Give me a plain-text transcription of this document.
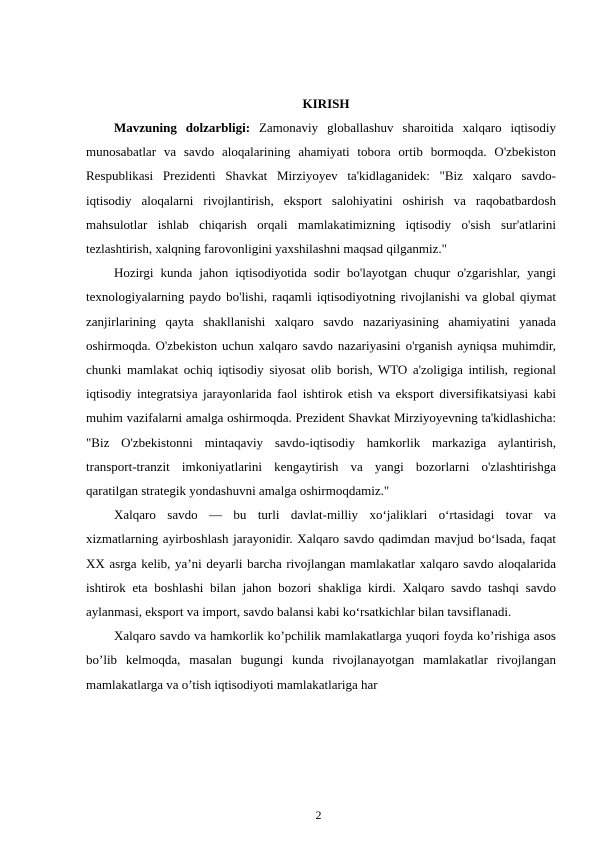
KIRISH

Mavzuning dolzarbligi: Zamonaviy globallashuv sharoitida xalqaro iqtisodiy munosabatlar va savdo aloqalarining ahamiyati tobora ortib bormoqda. O'zbekiston Respublikasi Prezidenti Shavkat Mirziyoyev ta'kidlaganidek: "Biz xalqaro savdo-iqtisodiy aloqalarni rivojlantirish, eksport salohiyatini oshirish va raqobatbardosh mahsulotlar ishlab chiqarish orqali mamlakatimizning iqtisodiy o'sish sur'atlarini tezlashtirish, xalqning farovonligini yaxshilashni maqsad qilganmiz."

Hozirgi kunda jahon iqtisodiyotida sodir bo'layotgan chuqur o'zgarishlar, yangi texnologiyalarning paydo bo'lishi, raqamli iqtisodiyotning rivojlanishi va global qiymat zanjirlarining qayta shakllanishi xalqaro savdo nazariyasining ahamiyatini yanada oshirmoqda. O'zbekiston uchun xalqaro savdo nazariyasini o'rganish ayniqsa muhimdir, chunki mamlakat ochiq iqtisodiy siyosat olib borish, WTO a'zoligiga intilish, regional iqtisodiy integratsiya jarayonlarida faol ishtirok etish va eksport diversifikatsiyasi kabi muhim vazifalarni amalga oshirmoqda. Prezident Shavkat Mirziyoyevning ta'kidlashicha: "Biz O'zbekistonni mintaqaviy savdo-iqtisodiy hamkorlik markaziga aylantirish, transport-tranzit imkoniyatlarini kengaytirish va yangi bozorlarni o'zlashtirishga qaratilgan strategik yondashuvni amalga oshirmoqdamiz."

Xalqaro savdo — bu turli davlat-milliy xo‘jaliklari o‘rtasidagi tovar va xizmatlarning ayirboshlash jarayonidir. Xalqaro savdo qadimdan mavjud bo‘lsada, faqat XX asrga kelib, ya’ni deyarli barcha rivojlangan mamlakatlar xalqaro savdo aloqalarida ishtirok eta boshlashi bilan jahon bozori shakliga kirdi. Xalqaro savdo tashqi savdo aylanmasi, eksport va import, savdo balansi kabi ko‘rsatkichlar bilan tavsiflanadi.

Xalqaro savdo va hamkorlik ko’pchilik mamlakatlarga yuqori foyda ko’rishiga asos bo’lib kelmoqda, masalan bugungi kunda rivojlanayotgan mamlakatlar rivojlangan mamlakatlarga va o’tish iqtisodiyoti mamlakatlariga har

2
